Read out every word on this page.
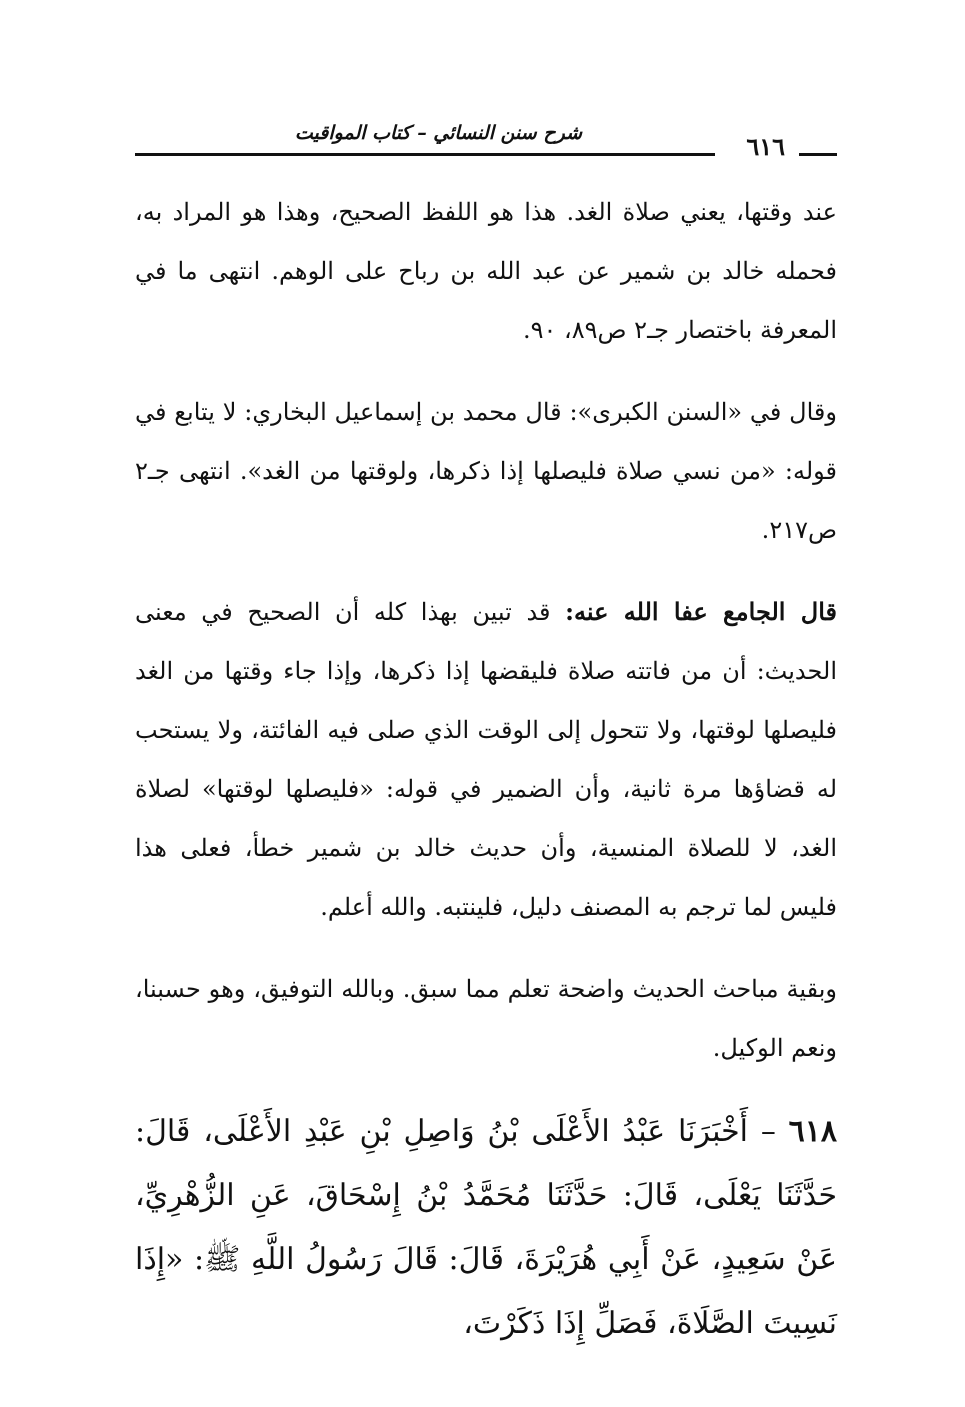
شرح سنن النسائي – كتاب المواقيت	٦١٦

عند وقتها، يعني صلاة الغد. هذا هو اللفظ الصحيح، وهذا هو المراد به، فحمله خالد بن شمير عن عبد الله بن رباح على الوهم. انتهى ما في المعرفة باختصار جـ٢ ص٨٩، ٩٠.

وقال في «السنن الكبرى»: قال محمد بن إسماعيل البخاري: لا يتابع في قوله: «من نسي صلاة فليصلها إذا ذكرها، ولوقتها من الغد». انتهى جـ٢ ص٢١٧.

قال الجامع عفا الله عنه: قد تبين بهذا كله أن الصحيح في معنى الحديث: أن من فاتته صلاة فليقضها إذا ذكرها، وإذا جاء وقتها من الغد فليصلها لوقتها، ولا تتحول إلى الوقت الذي صلى فيه الفائتة، ولا يستحب له قضاؤها مرة ثانية، وأن الضمير في قوله: «فليصلها لوقتها» لصلاة الغد، لا للصلاة المنسية، وأن حديث خالد بن شمير خطأ، فعلى هذا فليس لما ترجم به المصنف دليل، فلينتبه. والله أعلم.

وبقية مباحث الحديث واضحة تعلم مما سبق. وبالله التوفيق، وهو حسبنا، ونعم الوكيل.

٦١٨ – أَخْبَرَنَا عَبْدُ الأَعْلَى بْنُ وَاصِلِ بْنِ عَبْدِ الأَعْلَى، قَالَ: حَدَّثَنَا يَعْلَى، قَالَ: حَدَّثَنَا مُحَمَّدُ بْنُ إِسْحَاقَ، عَنِ الزُّهْرِيِّ، عَنْ سَعِيدٍ، عَنْ أَبِي هُرَيْرَةَ، قَالَ: قَالَ رَسُولُ اللَّهِ ﷺ: «إِذَا نَسِيتَ الصَّلَاةَ، فَصَلِّ إِذَا ذَكَرْتَ،
